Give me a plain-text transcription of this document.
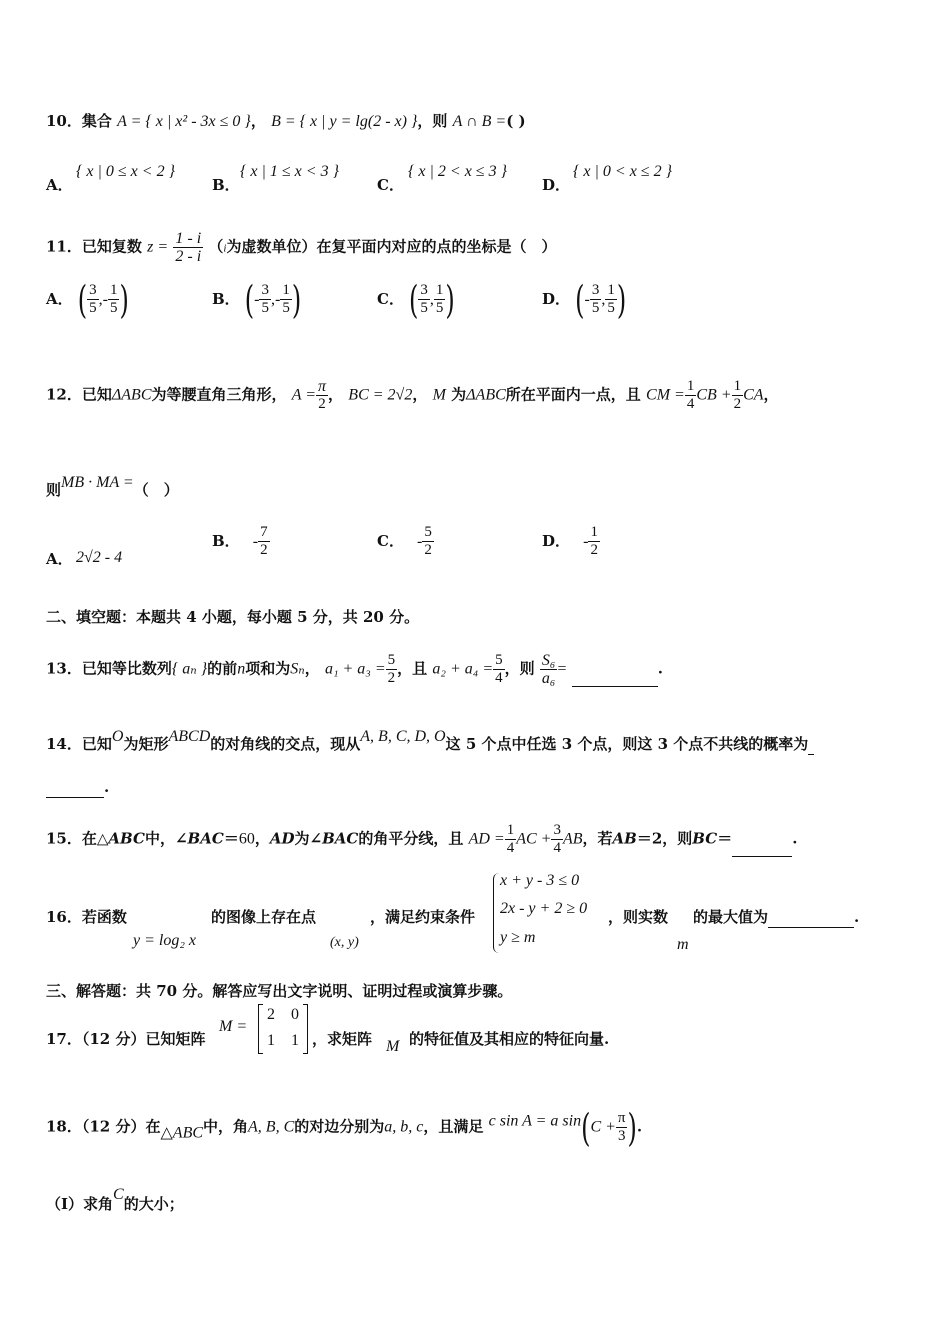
10．集合 A = { x | x² - 3x ≤ 0 }， B = { x | y = lg(2 - x) }，则 A ∩ B =( )
A．
{ x | 0 ≤ x < 2 }
B．
{ x | 1 ≤ x < 3 }
C．
{ x | 2 < x ≤ 3 }
D．
{ x | 0 < x ≤ 2 }
11．已知复数 $z = \frac{1 - i}{2 - i} (i$为虚数单位）在复平面内对应的点的坐标是（　）
A． ( $\frac{3}{5}$ ,- $\frac{1}{5}$ )	B． (- $\frac{3}{5}$ ,- $\frac{1}{5}$ )	C． ( $\frac{3}{5}$ , $\frac{1}{5}$ )	D． (- $\frac{3}{5}$ , $\frac{1}{5}$ )
12．已知ΔABC为等腰直角三角形， $A = \frac{\pi}{2}$ ， BC = 2√2， M 为ΔABC所在平面内一点，且 CM = $\frac{1}{4}$ CB + $\frac{1}{2}$ CA，
则MB · MA =（　）
A． 2√2 - 4
B． - $\frac{7}{2}$	C． - $\frac{5}{2}$	D． - $\frac{1}{2}$
二、填空题：本题共 4 小题，每小题 5 分，共 20 分。
13．已知等比数列{ aₙ }的前n项和为Sₙ， $a_1 + a_3 = \frac{5}{2}$ ，且 $a_2 + a_4 = \frac{5}{4}$ ，则 $\frac{\text{S₆}}{\text{a₆}}$ =	.
14．已知O为矩形ABCD的对角线的交点，现从A, B, C, D, O这 5 个点中任选 3 个点，则这 3 个点不共线的概率为
.
15．在△ABC中，∠BAC＝60，AD为∠BAC的角平分线，且 AD = $\frac{1}{4}$ AC + $\frac{3}{4}$ AB，若AB＝2，则BC＝	.
16．若函数
y = log₂ x
的图像上存在点
(x, y)
，满足约束条件
x + y - 3 ≤ 0
2x - y + 2 ≥ 0
y ≥ m
，则实数
m
的最大值为	.
三、解答题：共 70 分。解答应写出文字说明、证明过程或演算步骤。
17．（12 分）已知矩阵
M =
2 0
1 1 ，求矩阵 M 的特征值及其相应的特征向量.
18．（12 分）在△ABC中，角A, B, C的对边分别为a, b, c，且满足 c sin A = a $\sin(C + \frac{\pi}{3}$ ).
（Ⅰ）求角C的大小；
